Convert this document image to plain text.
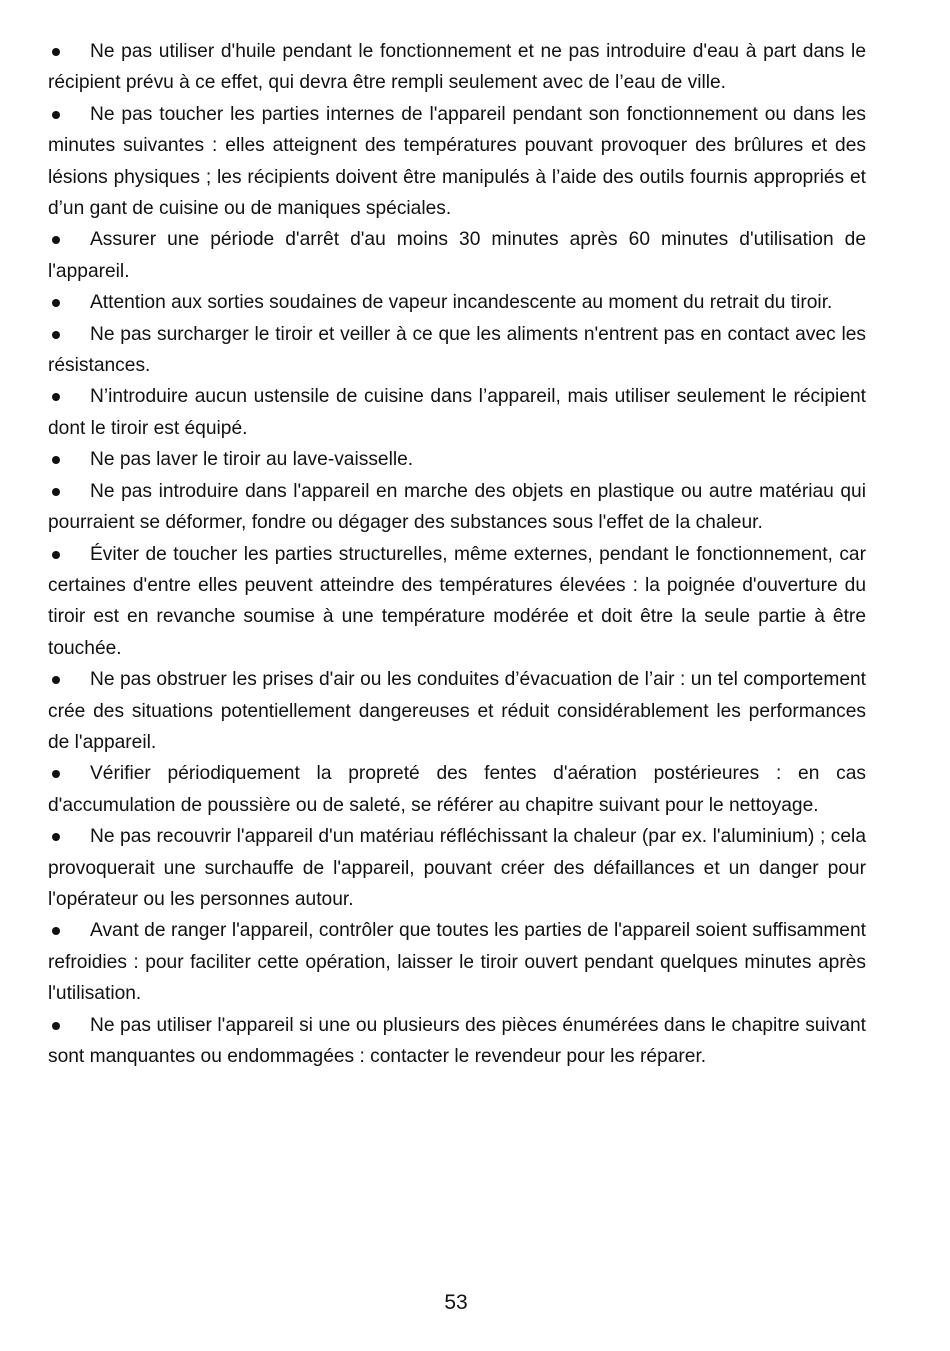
Ne pas utiliser d'huile pendant le fonctionnement et ne pas introduire d'eau à part dans le récipient prévu à ce effet, qui devra être rempli seulement avec de l’eau de ville.

Ne pas toucher les parties internes de l'appareil pendant son fonctionnement ou dans les minutes suivantes : elles atteignent des températures pouvant provoquer des brûlures et des lésions physiques ; les récipients doivent être manipulés à l’aide des outils fournis appropriés et d’un gant de cuisine ou de maniques spéciales.

Assurer une période d'arrêt d'au moins 30 minutes après 60 minutes d'utilisation de l'appareil.

Attention aux sorties soudaines de vapeur incandescente au moment du retrait du tiroir.

Ne pas surcharger le tiroir et veiller à ce que les aliments n'entrent pas en contact avec les résistances.

N’introduire aucun ustensile de cuisine dans l’appareil, mais utiliser seulement le récipient dont le tiroir est équipé.

Ne pas laver le tiroir au lave-vaisselle.

Ne pas introduire dans l'appareil en marche des objets en plastique ou autre matériau qui pourraient se déformer, fondre ou dégager des substances sous l'effet de la chaleur.

Éviter de toucher les parties structurelles, même externes, pendant le fonctionnement, car certaines d'entre elles peuvent atteindre des températures élevées : la poignée d'ouverture du tiroir est en revanche soumise à une température modérée et doit être la seule partie à être touchée.

Ne pas obstruer les prises d'air ou les conduites d’évacuation de l’air : un tel comportement crée des situations potentiellement dangereuses et réduit considérablement les performances de l'appareil.

Vérifier périodiquement la propreté des fentes d'aération postérieures : en cas d'accumulation de poussière ou de saleté, se référer au chapitre suivant pour le nettoyage.

Ne pas recouvrir l'appareil d'un matériau réfléchissant la chaleur (par ex. l'aluminium) ; cela provoquerait une surchauffe de l'appareil, pouvant créer des défaillances et un danger pour l'opérateur ou les personnes autour.

Avant de ranger l'appareil, contrôler que toutes les parties de l'appareil soient suffisamment refroidies : pour faciliter cette opération, laisser le tiroir ouvert pendant quelques minutes après l'utilisation.

Ne pas utiliser l'appareil si une ou plusieurs des pièces énumérées dans le chapitre suivant sont manquantes ou endommagées : contacter le revendeur pour les réparer.

53
